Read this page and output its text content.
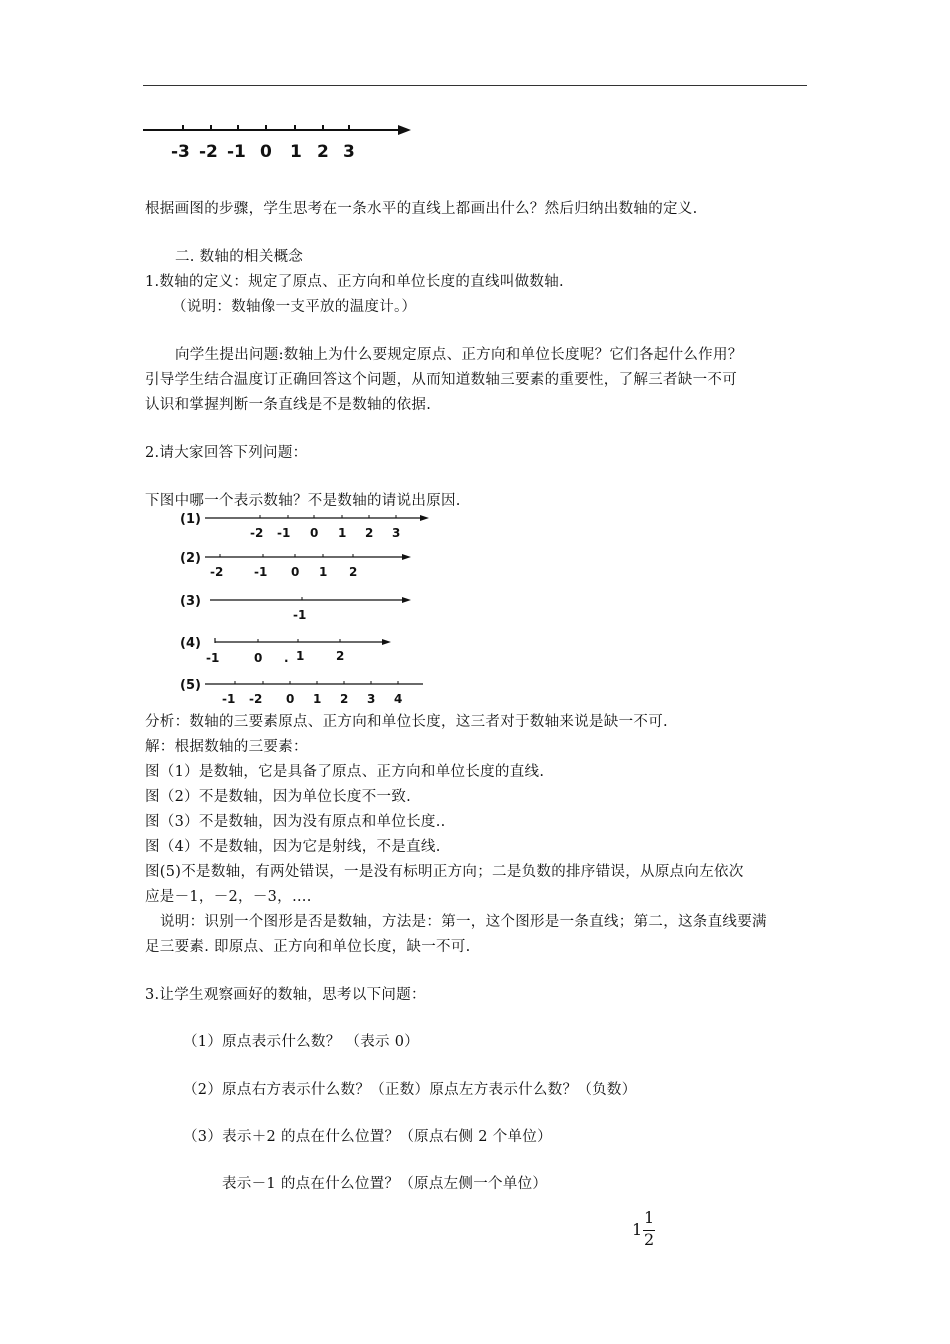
-3 -2 -1 0 1 2 3
根据画图的步骤，学生思考在一条水平的直线上都画出什么？然后归纳出数轴的定义.
二. 数轴的相关概念
1.数轴的定义：规定了原点、正方向和单位长度的直线叫做数轴.
（说明：数轴像一支平放的温度计。）
向学生提出问题:数轴上为什么要规定原点、正方向和单位长度呢？它们各起什么作用？
引导学生结合温度订正确回答这个问题，从而知道数轴三要素的重要性，了解三者缺一不可
认识和掌握判断一条直线是不是数轴的依据.
2.请大家回答下列问题：
下图中哪一个表示数轴？不是数轴的请说出原因.
(1)
-2 -1 0 1 2 3
(2)
-2	-1 0 1 2
(3)
-1
(4)
-1	0 . 1	2
(5)
-1 -2 0 1 2 3 4
分析：数轴的三要素原点、正方向和单位长度，这三者对于数轴来说是缺一不可.
解：根据数轴的三要素：
图（1）是数轴，它是具备了原点、正方向和单位长度的直线.
图（2）不是数轴，因为单位长度不一致.
图（3）不是数轴，因为没有原点和单位长度..
图（4）不是数轴，因为它是射线，不是直线.
图(5)不是数轴，有两处错误，一是没有标明正方向；二是负数的排序错误，从原点向左依次
应是－1，－2，－3，….
说明：识别一个图形是否是数轴，方法是：第一，这个图形是一条直线；第二，这条直线要满
足三要素. 即原点、正方向和单位长度，缺一不可.
3.让学生观察画好的数轴，思考以下问题：
（1）原点表示什么数？ （表示 0）
（2）原点右方表示什么数？（正数）原点左方表示什么数？（负数）
（3）表示＋2 的点在什么位置？（原点右侧 2 个单位）
表示－1 的点在什么位置？（原点左侧一个单位）
1
1
2
